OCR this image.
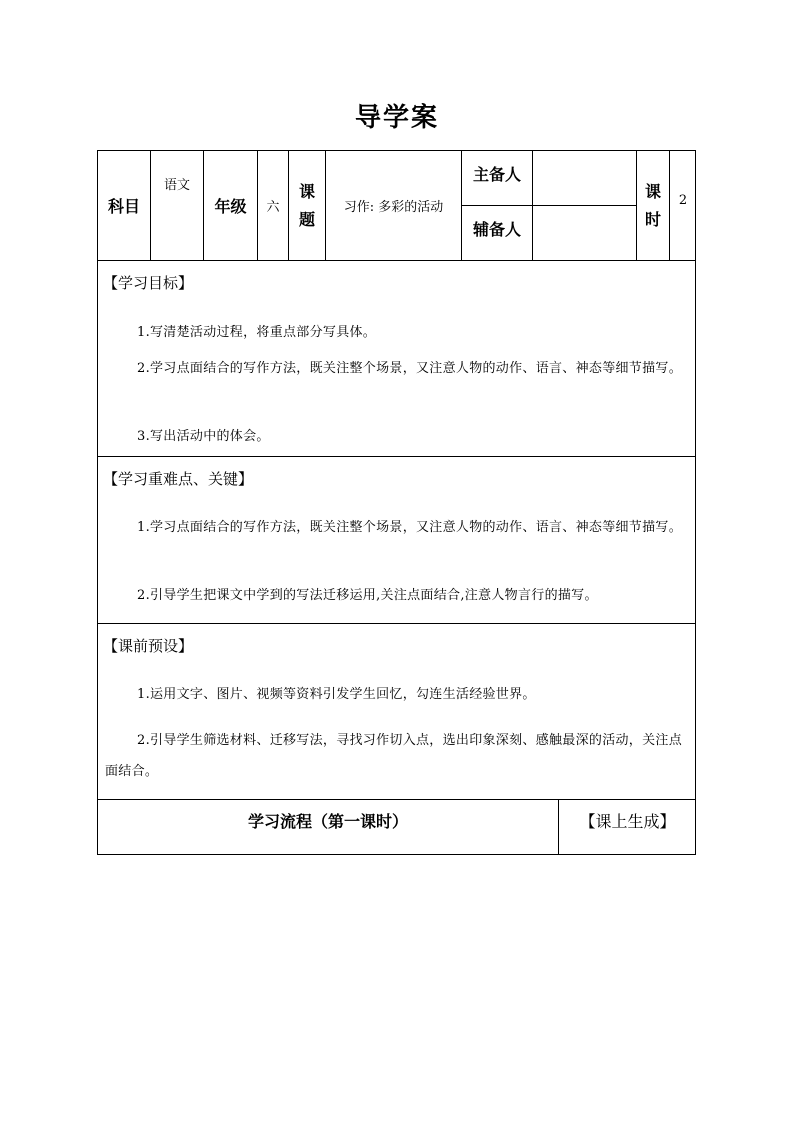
导学案
科目
语文
年级	六
课
题
习作: 多彩的活动
主备人
辅备人
课
时
2
【学习目标】
1.写清楚活动过程，将重点部分写具体。
2.学习点面结合的写作方法，既关注整个场景，又注意人物的动作、语言、神态等细节描写。
3.写出活动中的体会。
【学习重难点、关键】
1.学习点面结合的写作方法，既关注整个场景，又注意人物的动作、语言、神态等细节描写。
2.引导学生把课文中学到的写法迁移运用,关注点面结合,注意人物言行的描写。
【课前预设】
1.运用文字、图片、视频等资料引发学生回忆，勾连生活经验世界。
2.引导学生筛选材料、迁移写法，寻找习作切入点，选出印象深刻、感触最深的活动，关注点面结合。
学习流程（第一课时）	【课上生成】
